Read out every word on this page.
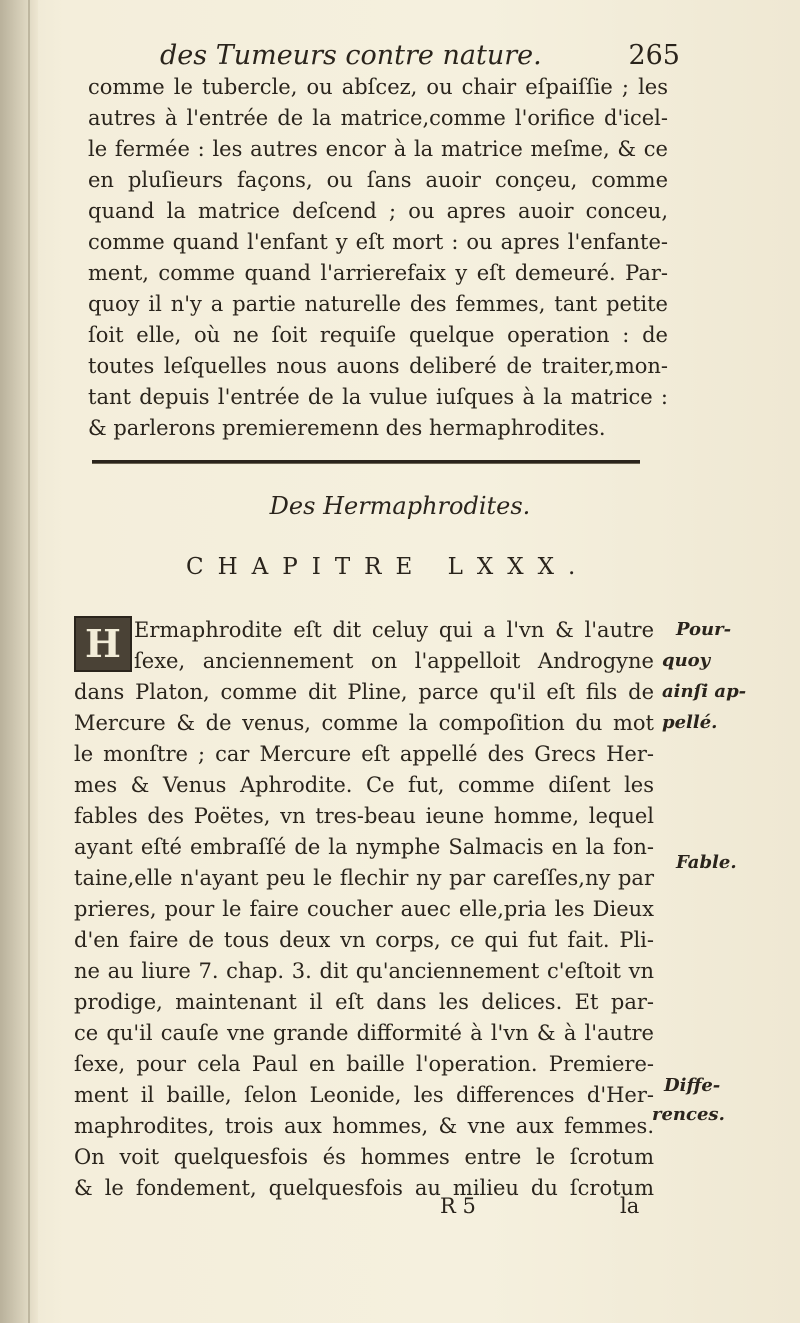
des Tumeurs contre nature.	265
comme le tubercle, ou abſcez, ou chair eſpaiſſie ; les
autres à l'entrée de la matrice,comme l'orifice d'icel-
le fermée : les autres encor à la matrice meſme, & ce
en pluſieurs façons, ou ſans auoir conçeu, comme
quand la matrice deſcend ; ou apres auoir conceu,
comme quand l'enfant y eſt mort : ou apres l'enfante-
ment, comme quand l'arrierefaix y eſt demeuré. Par-
quoy il n'y a partie naturelle des femmes, tant petite
ſoit elle, où ne ſoit requiſe quelque operation : de
toutes leſquelles nous auons deliberé de traiter,mon-
tant depuis l'entrée de la vulue iuſques à la matrice :
& parlerons premieremenn des hermaphrodites.
Des Hermaphrodites.
CHAPITRE LXXX.
H Ermaphrodite eſt dit celuy qui a l'vn & l'autre
ſexe, anciennement on l'appelloit Androgyne
dans Platon, comme dit Pline, parce qu'il eſt fils de
Mercure & de venus, comme la compoſition du mot
le monſtre ; car Mercure eſt appellé des Grecs Her-
mes & Venus Aphrodite. Ce fut, comme diſent les
fables des Poëtes, vn tres-beau ieune homme, lequel
ayant eſté embraſſé de la nymphe Salmacis en la fon-
taine,elle n'ayant peu le flechir ny par careſſes,ny par
prieres, pour le faire coucher auec elle,pria les Dieux
d'en faire de tous deux vn corps, ce qui fut fait. Pli-
ne au liure 7. chap. 3. dit qu'anciennement c'eſtoit vn
prodige, maintenant il eſt dans les delices. Et par-
ce qu'il cauſe vne grande difformité à l'vn & à l'autre
ſexe, pour cela Paul en baille l'operation. Premiere-
ment il baille, ſelon Leonide, les differences d'Her-
maphrodites, trois aux hommes, & vne aux femmes.
On voit quelquesfois és hommes entre le ſcrotum
& le fondement, quelquesfois au milieu du ſcrotum
Pour-
quoy
ainſi ap-
pellé.
Fable.
Diffe-
rences.
R 5	la
